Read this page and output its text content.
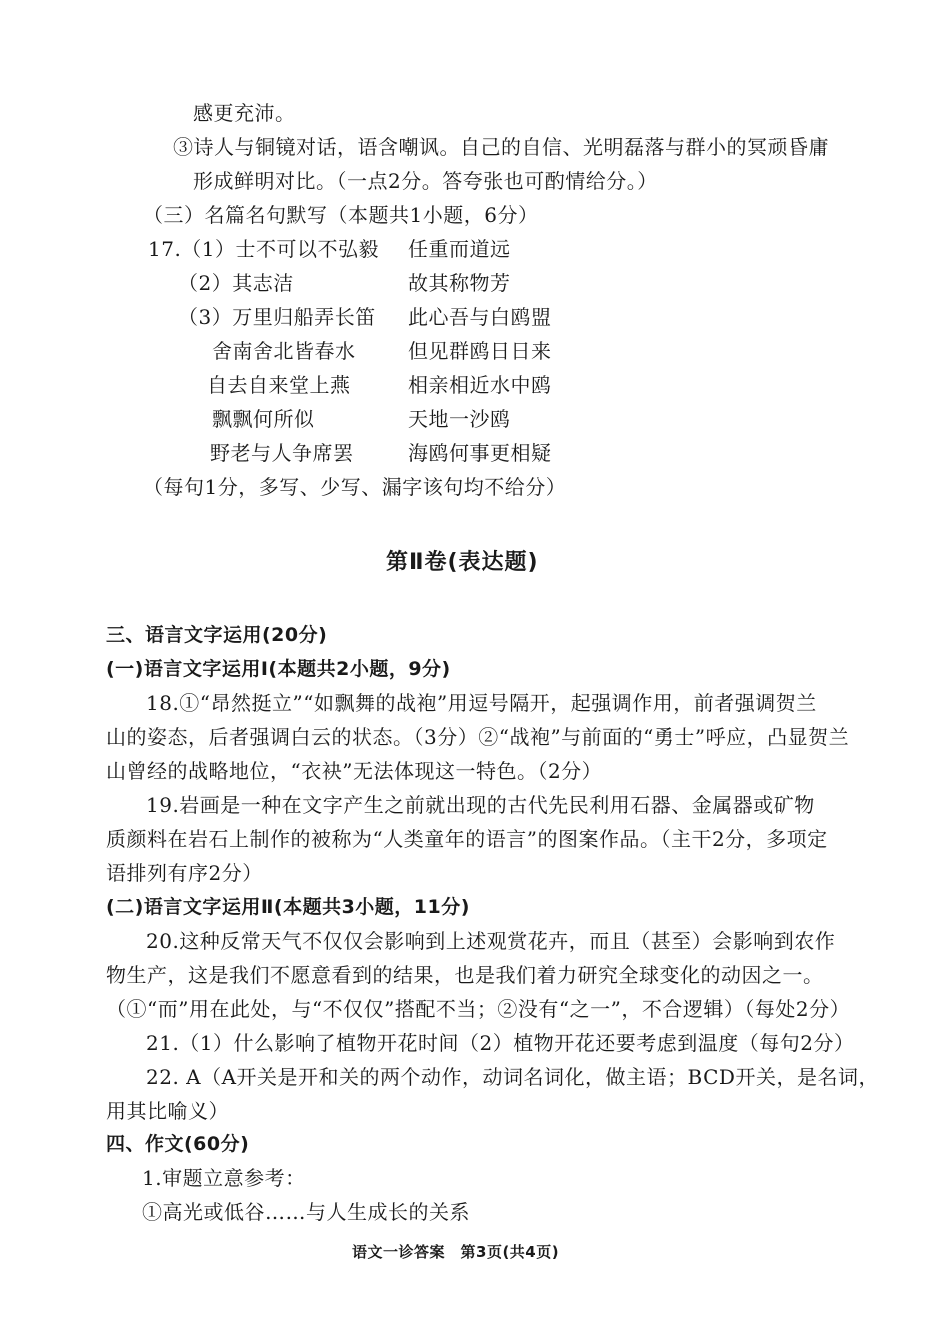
感更充沛。
③诗人与铜镜对话，语含嘲讽。自己的自信、光明磊落与群小的冥顽昏庸
形成鲜明对比。（一点2分。答夸张也可酌情给分。）
（三）名篇名句默写（本题共1小题，6分）
17.（1）士不可以不弘毅 任重而道远
（2）其志洁	故其称物芳
（3）万里归船弄长笛 此心吾与白鸥盟
舍南舍北皆春水	但见群鸥日日来
自去自来堂上燕	相亲相近水中鸥
飘飘何所似	天地一沙鸥
野老与人争席罢	海鸥何事更相疑
（每句1分，多写、少写、漏字该句均不给分）
第Ⅱ卷(表达题)
三、语言文字运用(20分)
(一)语言文字运用Ⅰ(本题共2小题，9分)
18.①“昂然挺立”“如飘舞的战袍”用逗号隔开，起强调作用，前者强调贺兰
山的姿态，后者强调白云的状态。（3分）②“战袍”与前面的“勇士”呼应，凸显贺兰
山曾经的战略地位，“衣袂”无法体现这一特色。（2分）
19.岩画是一种在文字产生之前就出现的古代先民利用石器、金属器或矿物
质颜料在岩石上制作的被称为“人类童年的语言”的图案作品。（主干2分，多项定
语排列有序2分）
(二)语言文字运用Ⅱ(本题共3小题，11分)
20.这种反常天气不仅仅会影响到上述观赏花卉，而且（甚至）会影响到农作
物生产，这是我们不愿意看到的结果，也是我们着力研究全球变化的动因之一。
（①“而”用在此处，与“不仅仅”搭配不当；②没有“之一”，不合逻辑）（每处2分）
21.（1）什么影响了植物开花时间（2）植物开花还要考虑到温度（每句2分）
22. A（A开关是开和关的两个动作，动词名词化，做主语；BCD开关，是名词，
用其比喻义）
四、作文(60分)
1.审题立意参考：
①高光或低谷……与人生成长的关系
语文一诊答案　第3页(共4页)
